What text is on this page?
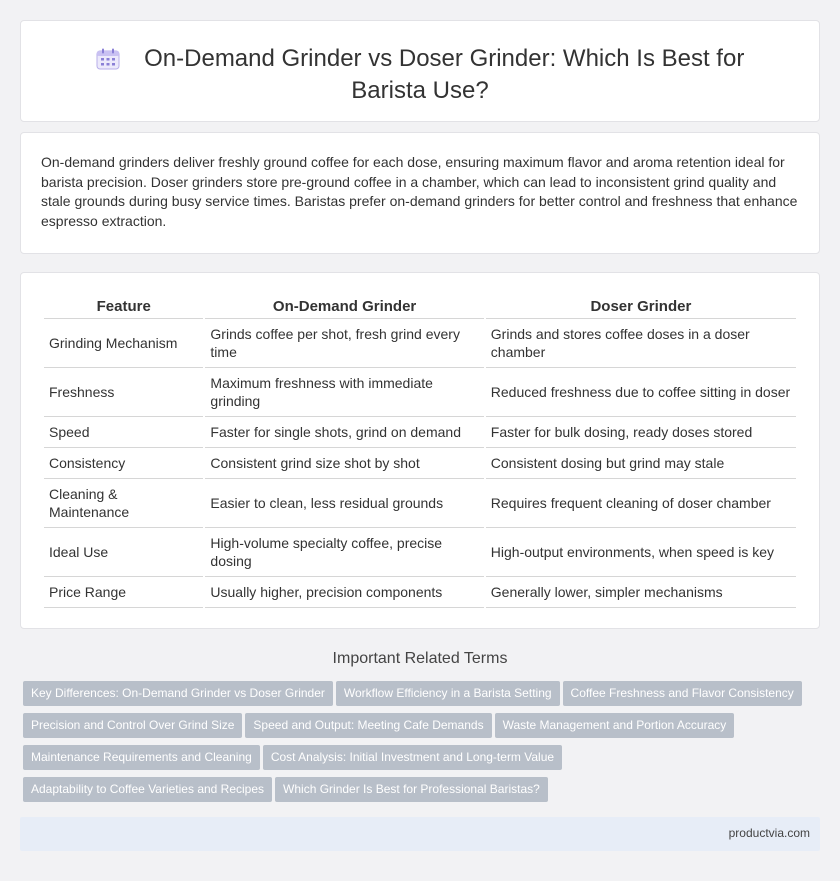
On-Demand Grinder vs Doser Grinder: Which Is Best for Barista Use?

On-demand grinders deliver freshly ground coffee for each dose, ensuring maximum flavor and aroma retention ideal for barista precision. Doser grinders store pre-ground coffee in a chamber, which can lead to inconsistent grind quality and stale grounds during busy service times. Baristas prefer on-demand grinders for better control and freshness that enhance espresso extraction.

Feature	On-Demand Grinder	Doser Grinder
Grinding Mechanism	Grinds coffee per shot, fresh grind every time	Grinds and stores coffee doses in a doser chamber
Freshness	Maximum freshness with immediate grinding	Reduced freshness due to coffee sitting in doser
Speed	Faster for single shots, grind on demand	Faster for bulk dosing, ready doses stored
Consistency	Consistent grind size shot by shot	Consistent dosing but grind may stale
Cleaning & Maintenance	Easier to clean, less residual grounds	Requires frequent cleaning of doser chamber
Ideal Use	High-volume specialty coffee, precise dosing	High-output environments, when speed is key
Price Range	Usually higher, precision components	Generally lower, simpler mechanisms
Important Related Terms
Key Differences: On-Demand Grinder vs Doser Grinder Workflow Efficiency in a Barista Setting Coffee Freshness and Flavor Consistency
Precision and Control Over Grind Size Speed and Output: Meeting Cafe Demands Waste Management and Portion Accuracy
Maintenance Requirements and Cleaning Cost Analysis: Initial Investment and Long-term Value
Adaptability to Coffee Varieties and Recipes Which Grinder Is Best for Professional Baristas?
productvia.com
